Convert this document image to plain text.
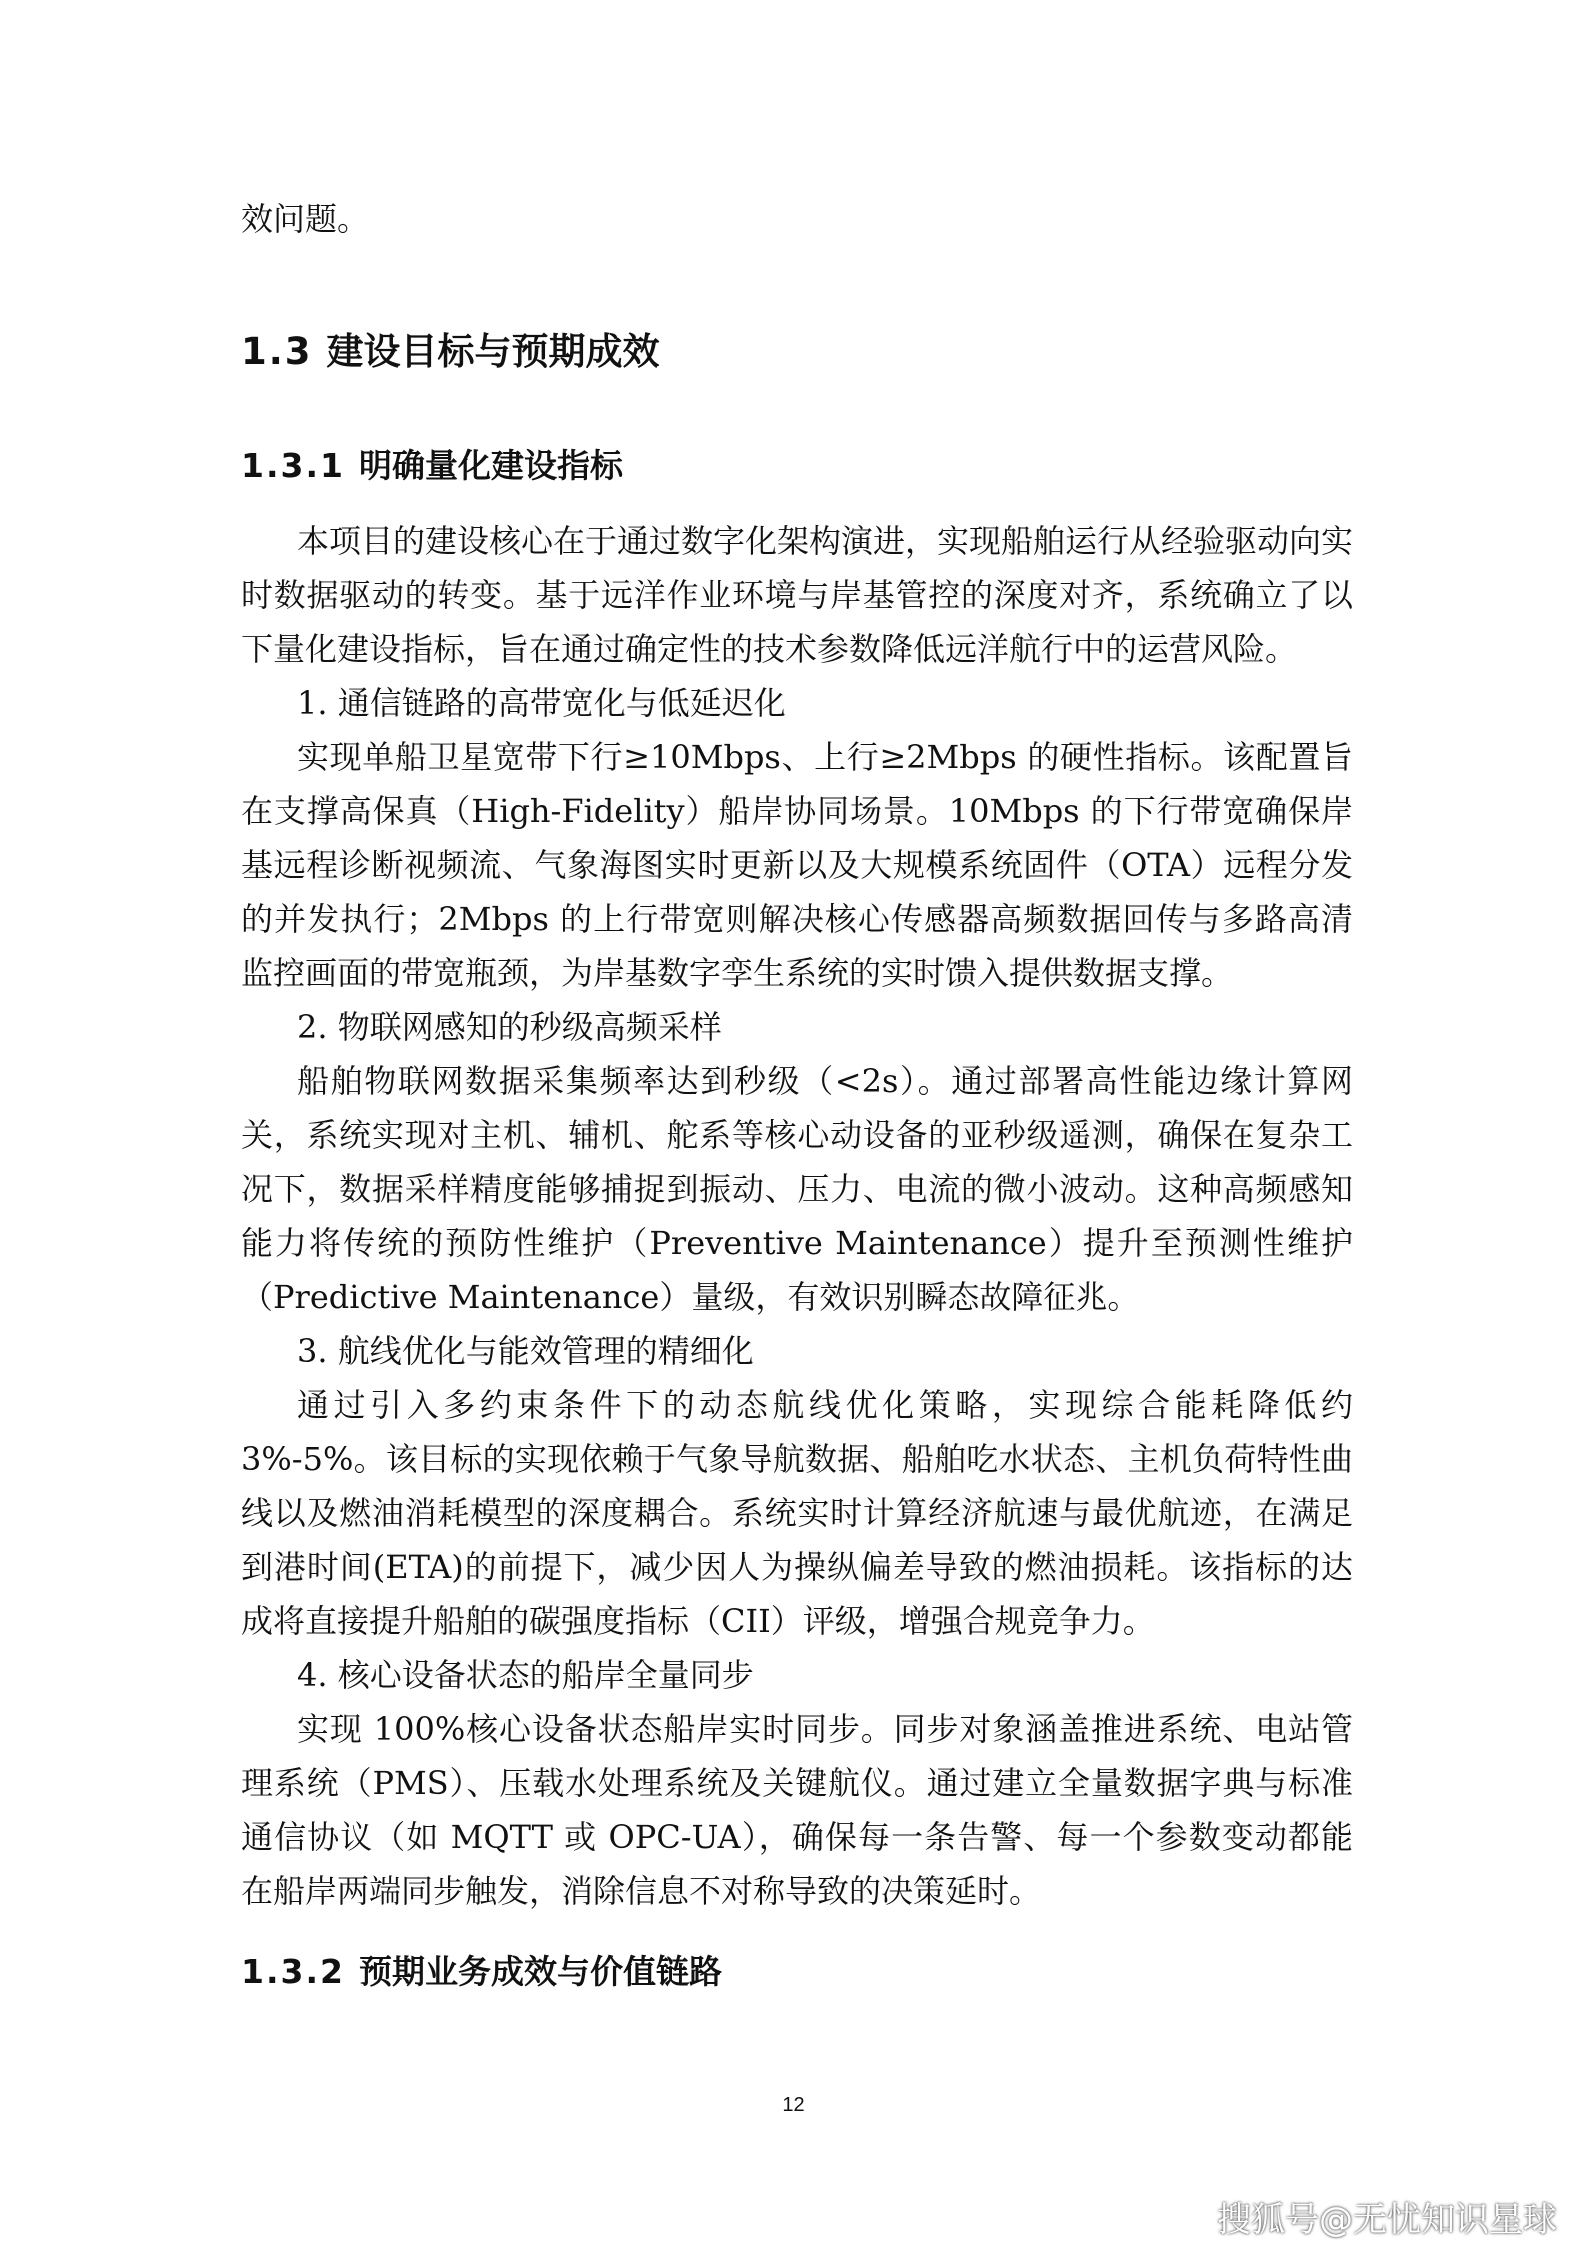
效问题。

1.3 建设目标与预期成效
1.3.1 明确量化建设指标

本项目的建设核心在于通过数字化架构演进，实现船舶运行从经验驱动向实时数据驱动的转变。基于远洋作业环境与岸基管控的深度对齐，系统确立了以下量化建设指标，旨在通过确定性的技术参数降低远洋航行中的运营风险。

1. 通信链路的高带宽化与低延迟化

实现单船卫星宽带下行≥10Mbps、上行≥2Mbps 的硬性指标。该配置旨在支撑高保真（High-Fidelity）船岸协同场景。10Mbps 的下行带宽确保岸基远程诊断视频流、气象海图实时更新以及大规模系统固件（OTA）远程分发的并发执行；2Mbps 的上行带宽则解决核心传感器高频数据回传与多路高清监控画面的带宽瓶颈，为岸基数字孪生系统的实时馈入提供数据支撑。

2. 物联网感知的秒级高频采样

船舶物联网数据采集频率达到秒级（<2s）。通过部署高性能边缘计算网关，系统实现对主机、辅机、舵系等核心动设备的亚秒级遥测，确保在复杂工况下，数据采样精度能够捕捉到振动、压力、电流的微小波动。这种高频感知能力将传统的预防性维护（Preventive Maintenance）提升至预测性维护（Predictive Maintenance）量级，有效识别瞬态故障征兆。

3. 航线优化与能效管理的精细化

通过引入多约束条件下的动态航线优化策略，实现综合能耗降低约 3%-5%。该目标的实现依赖于气象导航数据、船舶吃水状态、主机负荷特性曲线以及燃油消耗模型的深度耦合。系统实时计算经济航速与最优航迹，在满足到港时间(ETA)的前提下，减少因人为操纵偏差导致的燃油损耗。该指标的达成将直接提升船舶的碳强度指标（CII）评级，增强合规竞争力。

4. 核心设备状态的船岸全量同步

实现 100%核心设备状态船岸实时同步。同步对象涵盖推进系统、电站管理系统（PMS）、压载水处理系统及关键航仪。通过建立全量数据字典与标准通信协议（如 MQTT 或 OPC-UA），确保每一条告警、每一个参数变动都能在船岸两端同步触发，消除信息不对称导致的决策延时。

1.3.2 预期业务成效与价值链路
12
搜狐号@无忧知识星球
